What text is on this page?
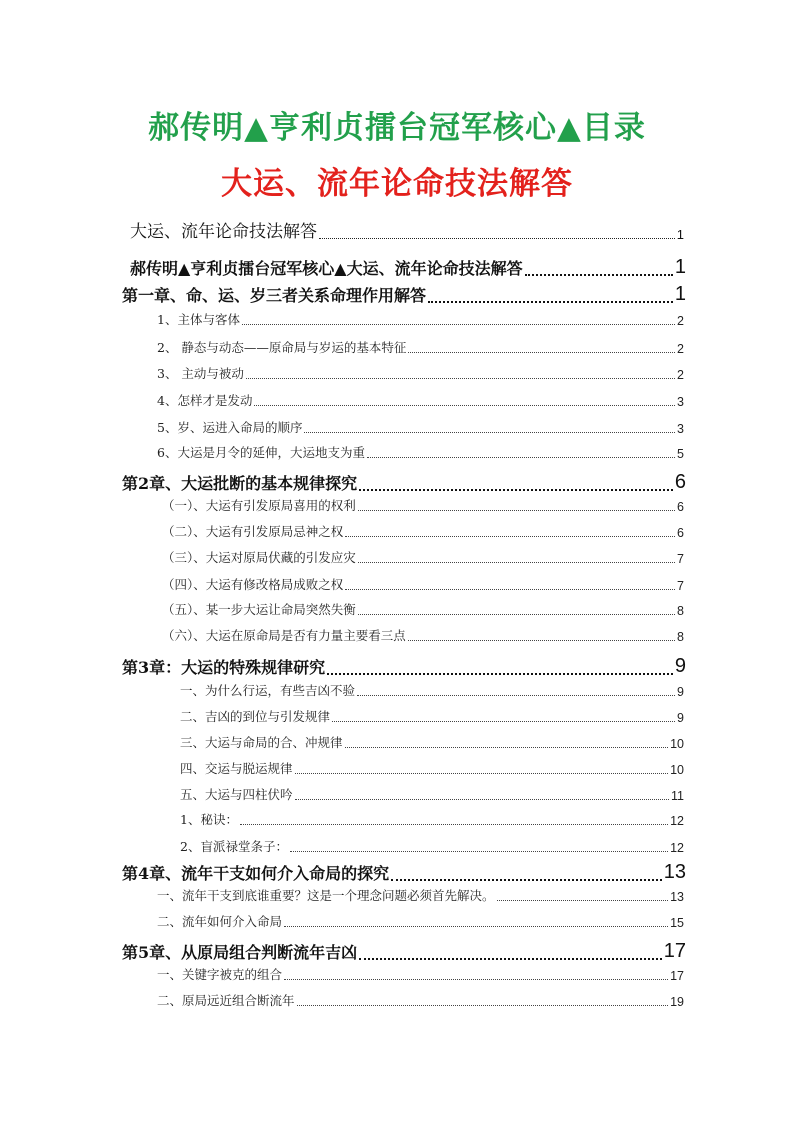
郝传明▲亨利贞擂台冠军核心▲目录
大运、流年论命技法解答
大运、流年论命技法解答	1
郝传明▲亨利贞擂台冠军核心▲大运、流年论命技法解答	1
第一章、命、运、岁三者关系命理作用解答	1
1、主体与客体	2
2、 静态与动态——原命局与岁运的基本特征	2
3、 主动与被动	2
4、怎样才是发动	3
5、岁、运进入命局的顺序	3
6、大运是月令的延伸，大运地支为重	5
第2章、大运批断的基本规律探究	6
（一）、大运有引发原局喜用的权利	6
（二）、大运有引发原局忌神之权	6
（三）、大运对原局伏藏的引发应灾	7
（四）、大运有修改格局成败之权	7
（五）、某一步大运让命局突然失衡	8
（六）、大运在原命局是否有力量主要看三点	8
第3章：大运的特殊规律研究	9
一、为什么行运，有些吉凶不验	9
二、吉凶的到位与引发规律	9
三、大运与命局的合、冲规律	10
四、交运与脱运规律	10
五、大运与四柱伏吟	11
1、秘诀：	12
2、盲派禄堂条子：	12
第4章、流年干支如何介入命局的探究	13
一、流年干支到底谁重要？这是一个理念问题必须首先解决。	13
二、流年如何介入命局	15
第5章、从原局组合判断流年吉凶	17
一、关键字被克的组合	17
二、原局远近组合断流年	19
